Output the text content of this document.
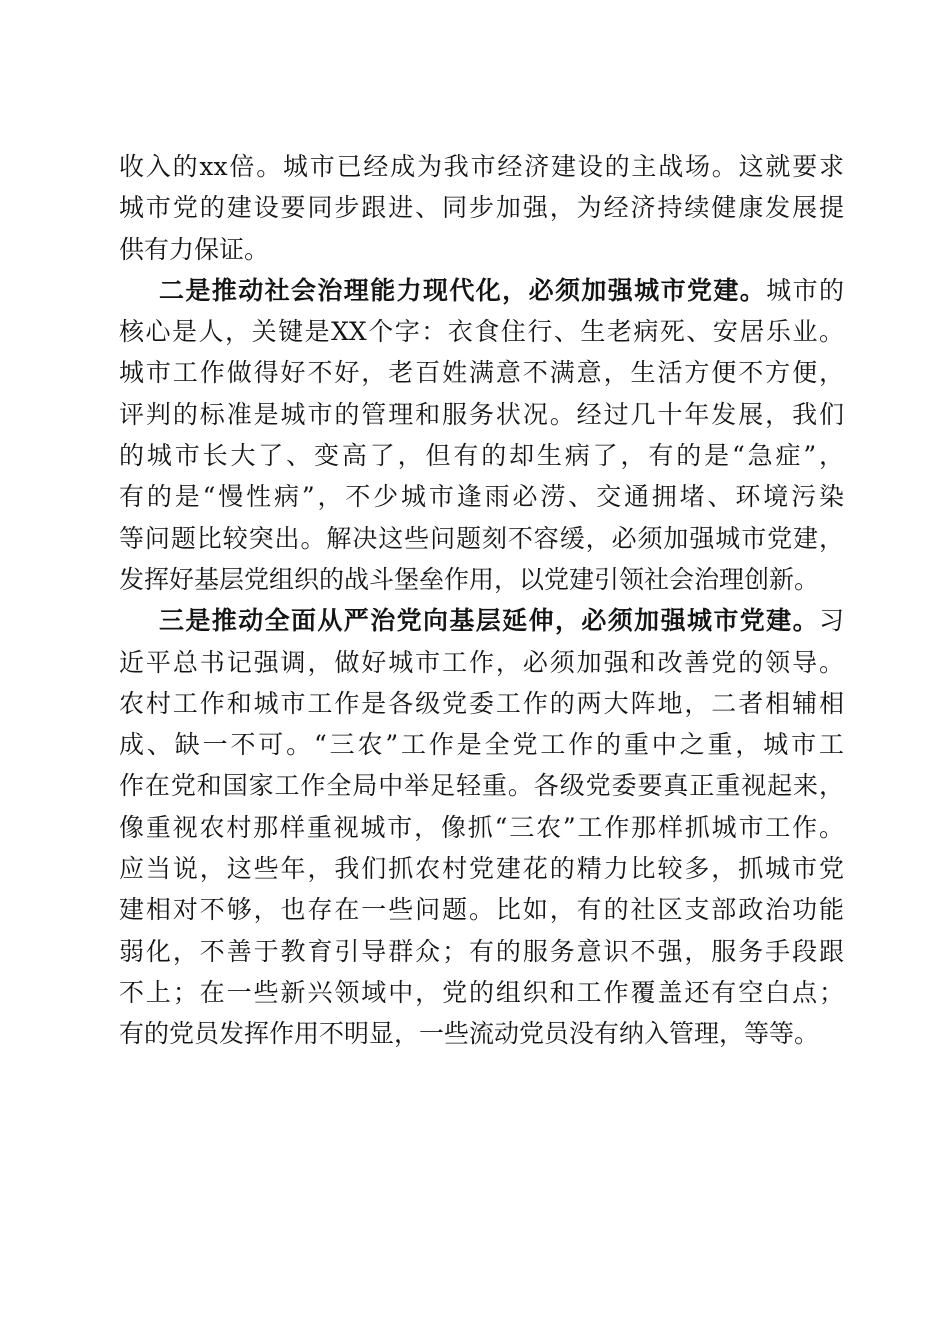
收入的xx倍。城市已经成为我市经济建设的主战场。这就要求
城市党的建设要同步跟进、同步加强，为经济持续健康发展提
供有力保证。
二是推动社会治理能力现代化，必须加强城市党建。城市的
核心是人，关键是XX个字：衣食住行、生老病死、安居乐业。
城市工作做得好不好，老百姓满意不满意，生活方便不方便，
评判的标准是城市的管理和服务状况。经过几十年发展，我们
的城市长大了、变高了，但有的却生病了，有的是“急症”，
有的是“慢性病”，不少城市逢雨必涝、交通拥堵、环境污染
等问题比较突出。解决这些问题刻不容缓，必须加强城市党建，
发挥好基层党组织的战斗堡垒作用，以党建引领社会治理创新。
三是推动全面从严治党向基层延伸，必须加强城市党建。习
近平总书记强调，做好城市工作，必须加强和改善党的领导。
农村工作和城市工作是各级党委工作的两大阵地，二者相辅相
成、缺一不可。“三农”工作是全党工作的重中之重，城市工
作在党和国家工作全局中举足轻重。各级党委要真正重视起来，
像重视农村那样重视城市，像抓“三农”工作那样抓城市工作。
应当说，这些年，我们抓农村党建花的精力比较多，抓城市党
建相对不够，也存在一些问题。比如，有的社区支部政治功能
弱化，不善于教育引导群众；有的服务意识不强，服务手段跟
不上；在一些新兴领域中，党的组织和工作覆盖还有空白点；
有的党员发挥作用不明显，一些流动党员没有纳入管理，等等。
